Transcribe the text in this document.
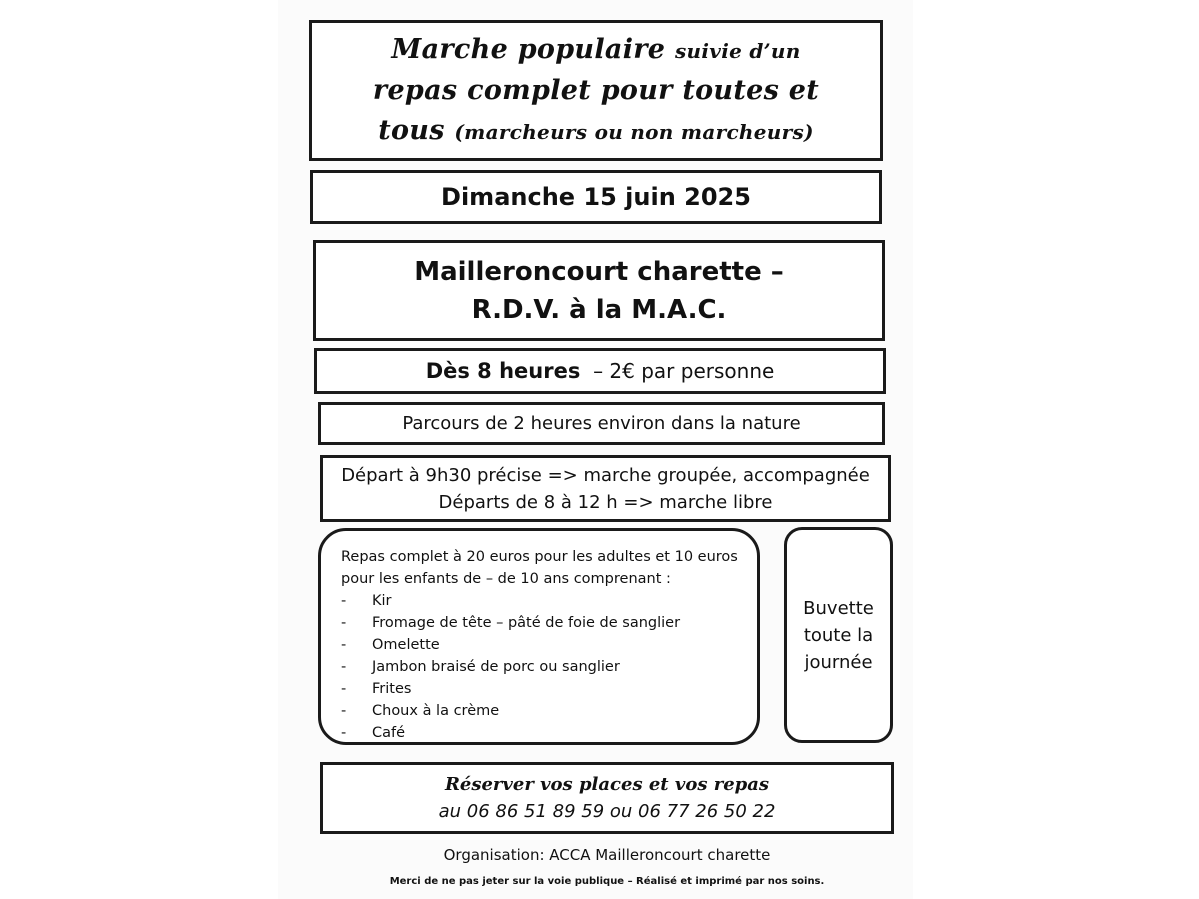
Marche populaire suivie d’un
repas complet pour toutes et
tous (marcheurs ou non marcheurs)
Dimanche 15 juin 2025
Mailleroncourt charette –
R.D.V. à la M.A.C.
Dès 8 heures – 2€ par personne
Parcours de 2 heures environ dans la nature
Départ à 9h30 précise => marche groupée, accompagnée
Départs de 8 à 12 h => marche libre
Repas complet à 20 euros pour les adultes et 10 euros
pour les enfants de – de 10 ans comprenant :
-	Kir
-	Fromage de tête – pâté de foie de sanglier
-	Omelette
-	Jambon braisé de porc ou sanglier
-	Frites
-	Choux à la crème
-	Café
Buvette
toute la
journée
Réserver vos places et vos repas
au 06 86 51 89 59 ou 06 77 26 50 22
Organisation: ACCA Mailleroncourt charette
Merci de ne pas jeter sur la voie publique – Réalisé et imprimé par nos soins.
